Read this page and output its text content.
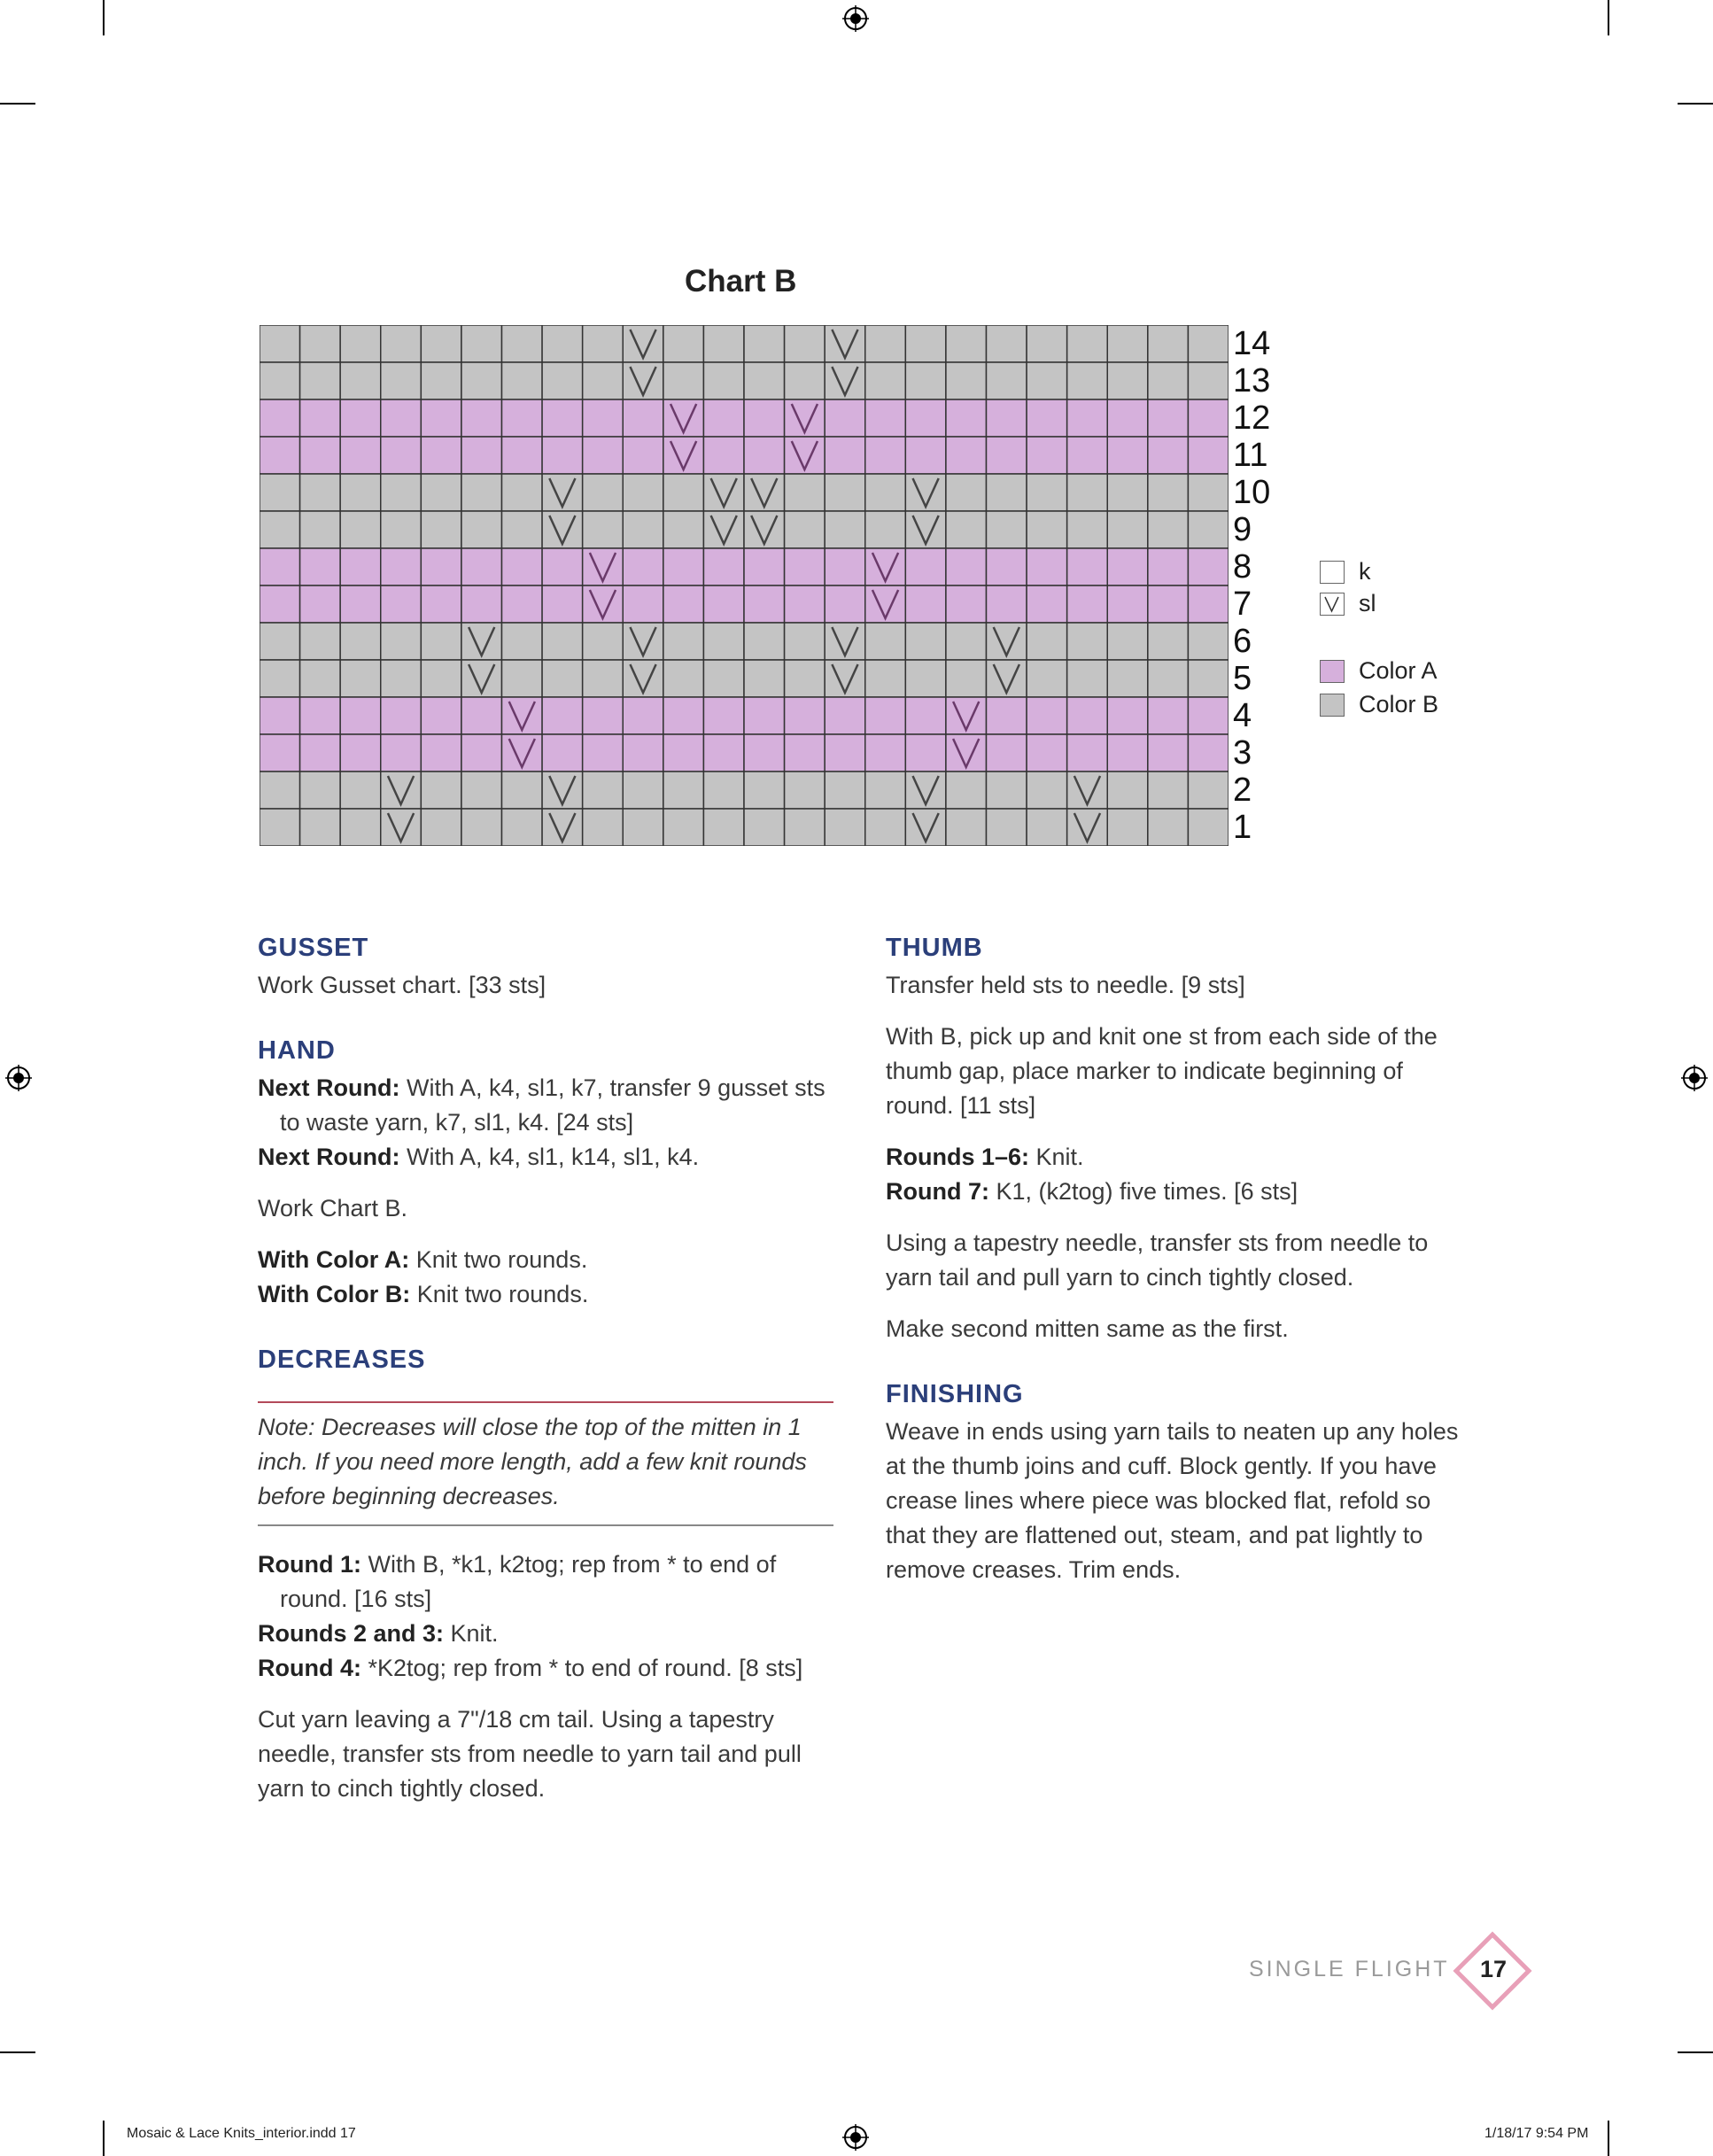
Chart B
14
13
12
11
10
9
8
7
6
5
4
3
2
1
k
sl
Color A
Color B
GUSSET

Work Gusset chart. [33 sts]

HAND

Next Round: With A, k4, sl1, k7, transfer 9 gusset sts to waste yarn, k7, sl1, k4. [24 sts]

Next Round: With A, k4, sl1, k14, sl1, k4.

Work Chart B.

With Color A: Knit two rounds.

With Color B: Knit two rounds.

DECREASES
Note: Decreases will close the top of the mitten in 1 inch. If you need more length, add a few knit rounds before beginning decreases.

Round 1: With B, *k1, k2tog; rep from * to end of round. [16 sts]

Rounds 2 and 3: Knit.

Round 4: *K2tog; rep from * to end of round. [8 sts]

Cut yarn leaving a 7"/18 cm tail. Using a tapestry needle, transfer sts from needle to yarn tail and pull yarn to cinch tightly closed.

THUMB

Transfer held sts to needle. [9 sts]

With B, pick up and knit one st from each side of the thumb gap, place marker to indicate beginning of round. [11 sts]

Rounds 1–6: Knit.

Round 7: K1, (k2tog) five times. [6 sts]

Using a tapestry needle, transfer sts from needle to yarn tail and pull yarn to cinch tightly closed.

Make second mitten same as the first.

FINISHING

Weave in ends using yarn tails to neaten up any holes at the thumb joins and cuff. Block gently. If you have crease lines where piece was blocked flat, refold so that they are flattened out, steam, and pat lightly to remove creases. Trim ends.

SINGLE FLIGHT 17
Mosaic & Lace Knits_interior.indd 17	1/18/17 9:54 PM
